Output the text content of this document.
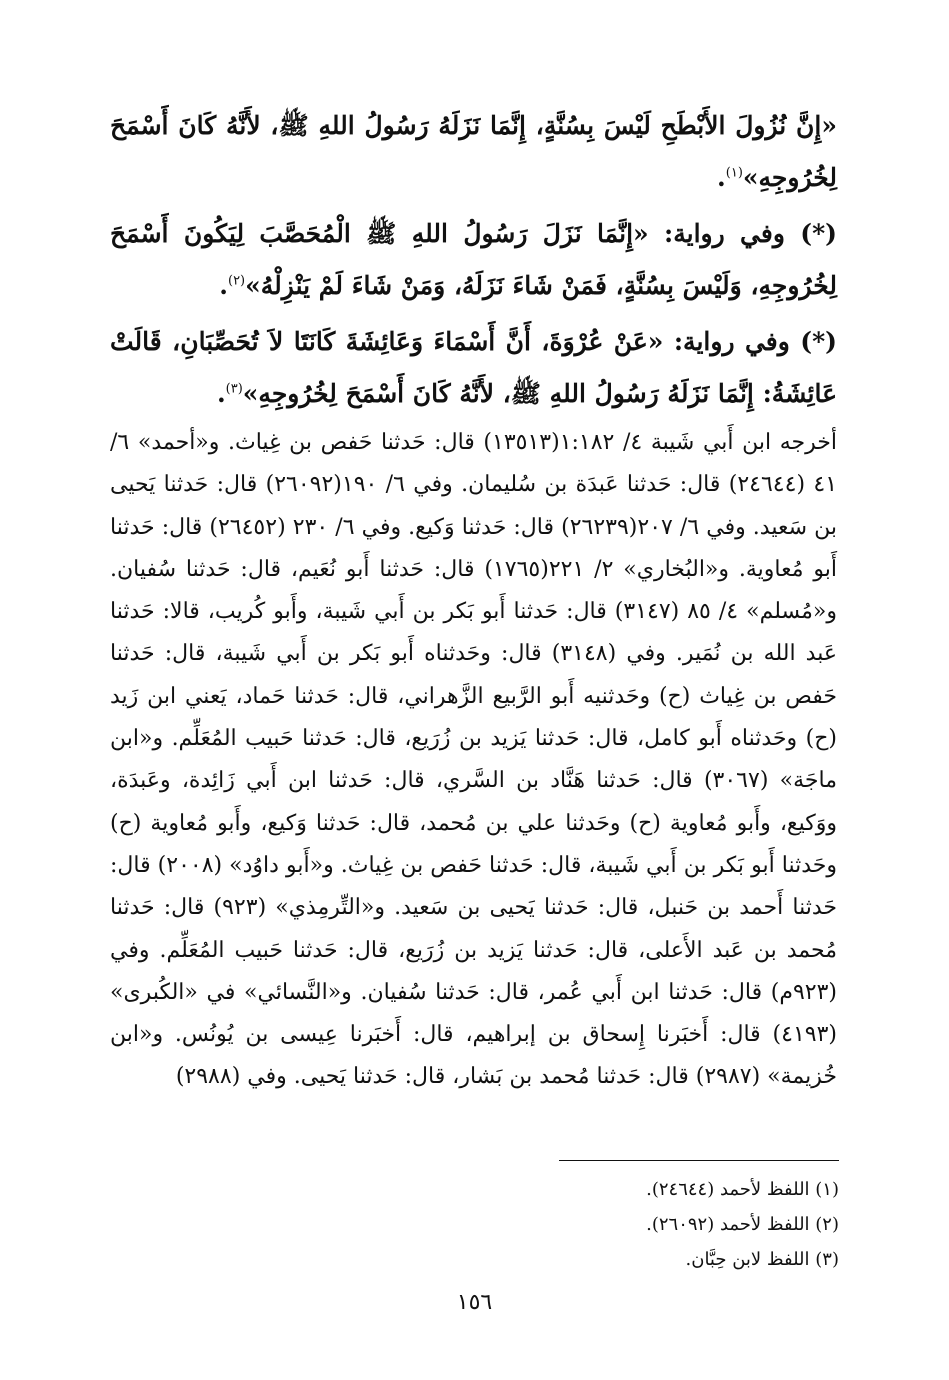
«إِنَّ نُزُولَ الأَبْطَحِ لَيْسَ بِسُنَّةٍ، إِنَّمَا نَزَلَهُ رَسُولُ اللهِ ﷺ، لأَنَّهُ كَانَ أَسْمَحَ لِخُرُوجِهِ»$^{(١)}$.

(*) وفي رواية: «إِنَّمَا نَزَلَ رَسُولُ اللهِ ﷺ الْمُحَصَّبَ لِيَكُونَ أَسْمَحَ لِخُرُوجِهِ، وَلَيْسَ بِسُنَّةٍ، فَمَنْ شَاءَ نَزَلَهُ، وَمَنْ شَاءَ لَمْ يَنْزِلْهُ»$^{(٢)}$.

(*) وفي رواية: «عَنْ عُرْوَةَ، أَنَّ أَسْمَاءَ وَعَائِشَةَ كَانَتَا لاَ تُحَصِّبَانِ، قَالَتْ عَائِشَةُ: إِنَّمَا نَزَلَهُ رَسُولُ اللهِ ﷺ، لأَنَّهُ كَانَ أَسْمَحَ لِخُرُوجِهِ»$^{(٣)}$.

أخرجه ابن أَبي شَيبة ٤/ ١:١٨٢(١٣٥١٣) قال: حَدثنا حَفص بن غِياث. و«أحمد» ٦/ ٤١ (٢٤٦٤٤) قال: حَدثنا عَبدَة بن سُليمان. وفي ٦/ ١٩٠(٢٦٠٩٢) قال: حَدثنا يَحيى بن سَعيد. وفي ٦/ ٢٠٧(٢٦٢٣٩) قال: حَدثنا وَكيع. وفي ٦/ ٢٣٠ (٢٦٤٥٢) قال: حَدثنا أَبو مُعاوية. و«البُخاري» ٢/ ٢٢١(١٧٦٥) قال: حَدثنا أَبو نُعَيم، قال: حَدثنا سُفيان. و«مُسلم» ٤/ ٨٥ (٣١٤٧) قال: حَدثنا أَبو بَكر بن أَبي شَيبة، وأَبو كُريب، قالا: حَدثنا عَبد الله بن نُمَير. وفي (٣١٤٨) قال: وحَدثناه أَبو بَكر بن أَبي شَيبة، قال: حَدثنا حَفص بن غِياث (ح) وحَدثنيه أَبو الرَّبيع الزَّهراني، قال: حَدثنا حَماد، يَعني ابن زَيد (ح) وحَدثناه أَبو كامل، قال: حَدثنا يَزيد بن زُرَيع، قال: حَدثنا حَبيب المُعَلِّم. و«ابن ماجَة» (٣٠٦٧) قال: حَدثنا هَنَّاد بن السَّري، قال: حَدثنا ابن أَبي زَائِدة، وعَبدَة، ووَكيع، وأَبو مُعاوية (ح) وحَدثنا علي بن مُحمد، قال: حَدثنا وَكيع، وأَبو مُعاوية (ح) وحَدثنا أَبو بَكر بن أَبي شَيبة، قال: حَدثنا حَفص بن غِياث. و«أَبو داوُد» (٢٠٠٨) قال: حَدثنا أَحمد بن حَنبل، قال: حَدثنا يَحيى بن سَعيد. و«التِّرمِذي» (٩٢٣) قال: حَدثنا مُحمد بن عَبد الأَعلى، قال: حَدثنا يَزيد بن زُرَيع، قال: حَدثنا حَبيب المُعَلِّم. وفي (٩٢٣م) قال: حَدثنا ابن أَبي عُمر، قال: حَدثنا سُفيان. و«النَّسائي» في «الكُبرى» (٤١٩٣) قال: أَخبَرنا إِسحاق بن إبراهيم، قال: أَخبَرنا عِيسى بن يُونُس. و«ابن خُزيمة» (٢٩٨٧) قال: حَدثنا مُحمد بن بَشار، قال: حَدثنا يَحيى. وفي (٢٩٨٨)

(١) اللفظ لأحمد (٢٤٦٤٤).
(٢) اللفظ لأحمد (٢٦٠٩٢).
(٣) اللفظ لابن حِبَّان.
١٥٦
